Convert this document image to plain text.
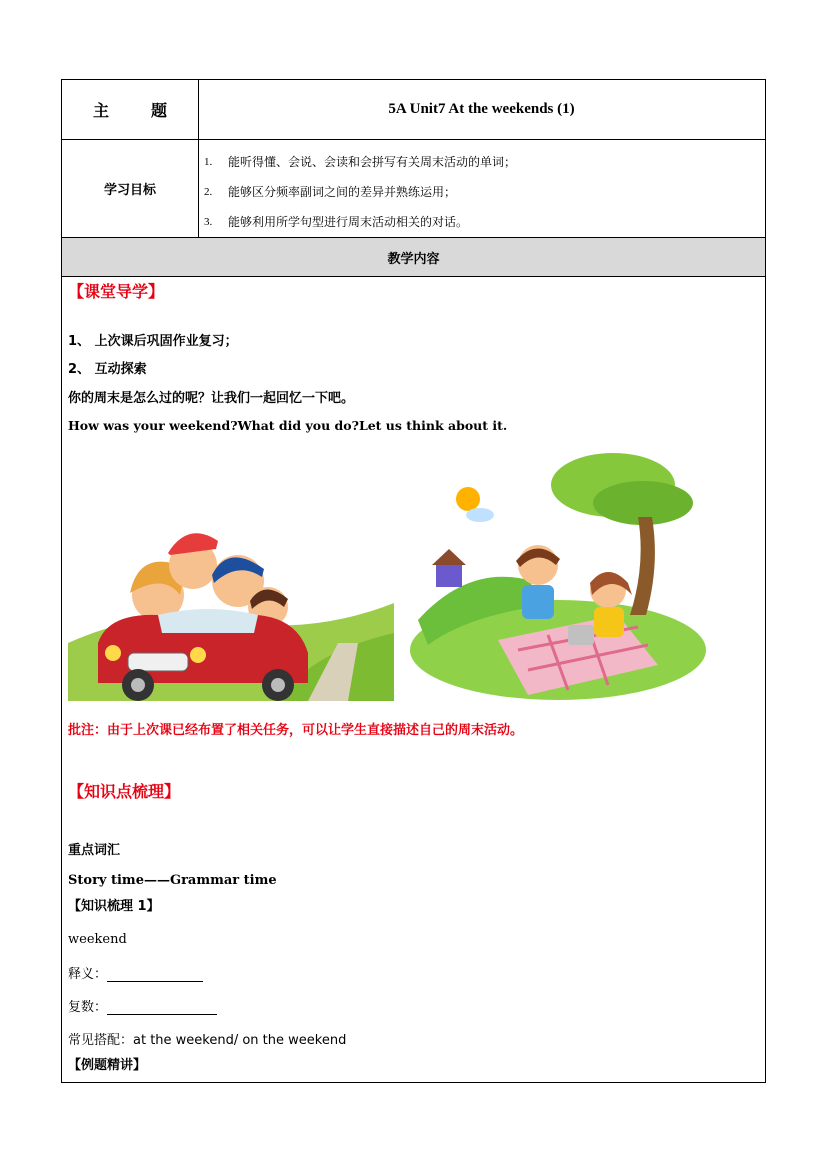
主	题	5A Unit7 At the weekends (1)
学习目标
1.	能听得懂、会说、会读和会拼写有关周末活动的单词；
2.	能够区分频率副词之间的差异并熟练运用；
3.	能够利用所学句型进行周末活动相关的对话。
教学内容
【课堂导学】
1、 上次课后巩固作业复习；
2、 互动探索
你的周末是怎么过的呢？让我们一起回忆一下吧。
How was your weekend?What did you do?Let us think about it.
批注：由于上次课已经布置了相关任务，可以让学生直接描述自己的周末活动。
【知识点梳理】
重点词汇
Story time——Grammar time
【知识梳理 1】
weekend
释义：
复数：
常见搭配：at the weekend/ on the weekend
【例题精讲】
